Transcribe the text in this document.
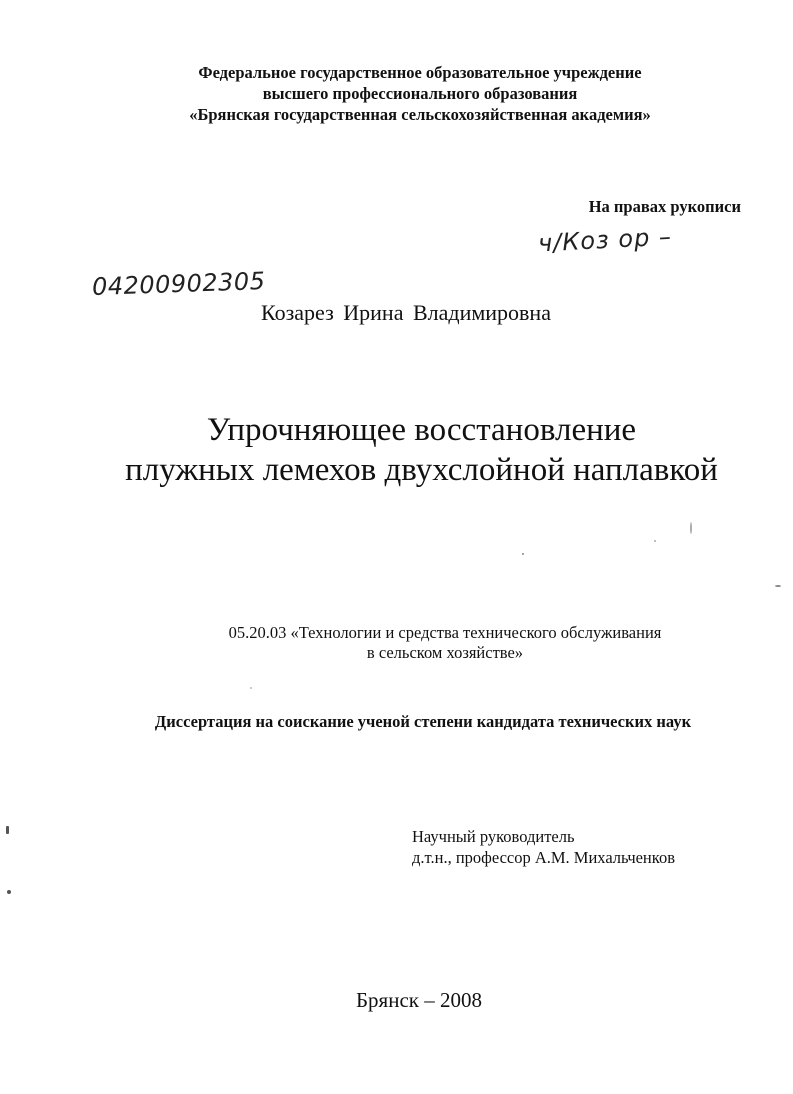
Федеральное государственное образовательное учреждение
высшего профессионального образования
«Брянская государственная сельскохозяйственная академия»
На правах рукописи
ч/Коз ор –
04200902305
Козарез Ирина Владимировна
Упрочняющее восстановление
плужных лемехов двухслойной наплавкой
05.20.03 «Технологии и средства технического обслуживания
в сельском хозяйстве»
Диссертация на соискание ученой степени кандидата технических наук
Научный руководитель
д.т.н., профессор А.М. Михальченков
Брянск – 2008
